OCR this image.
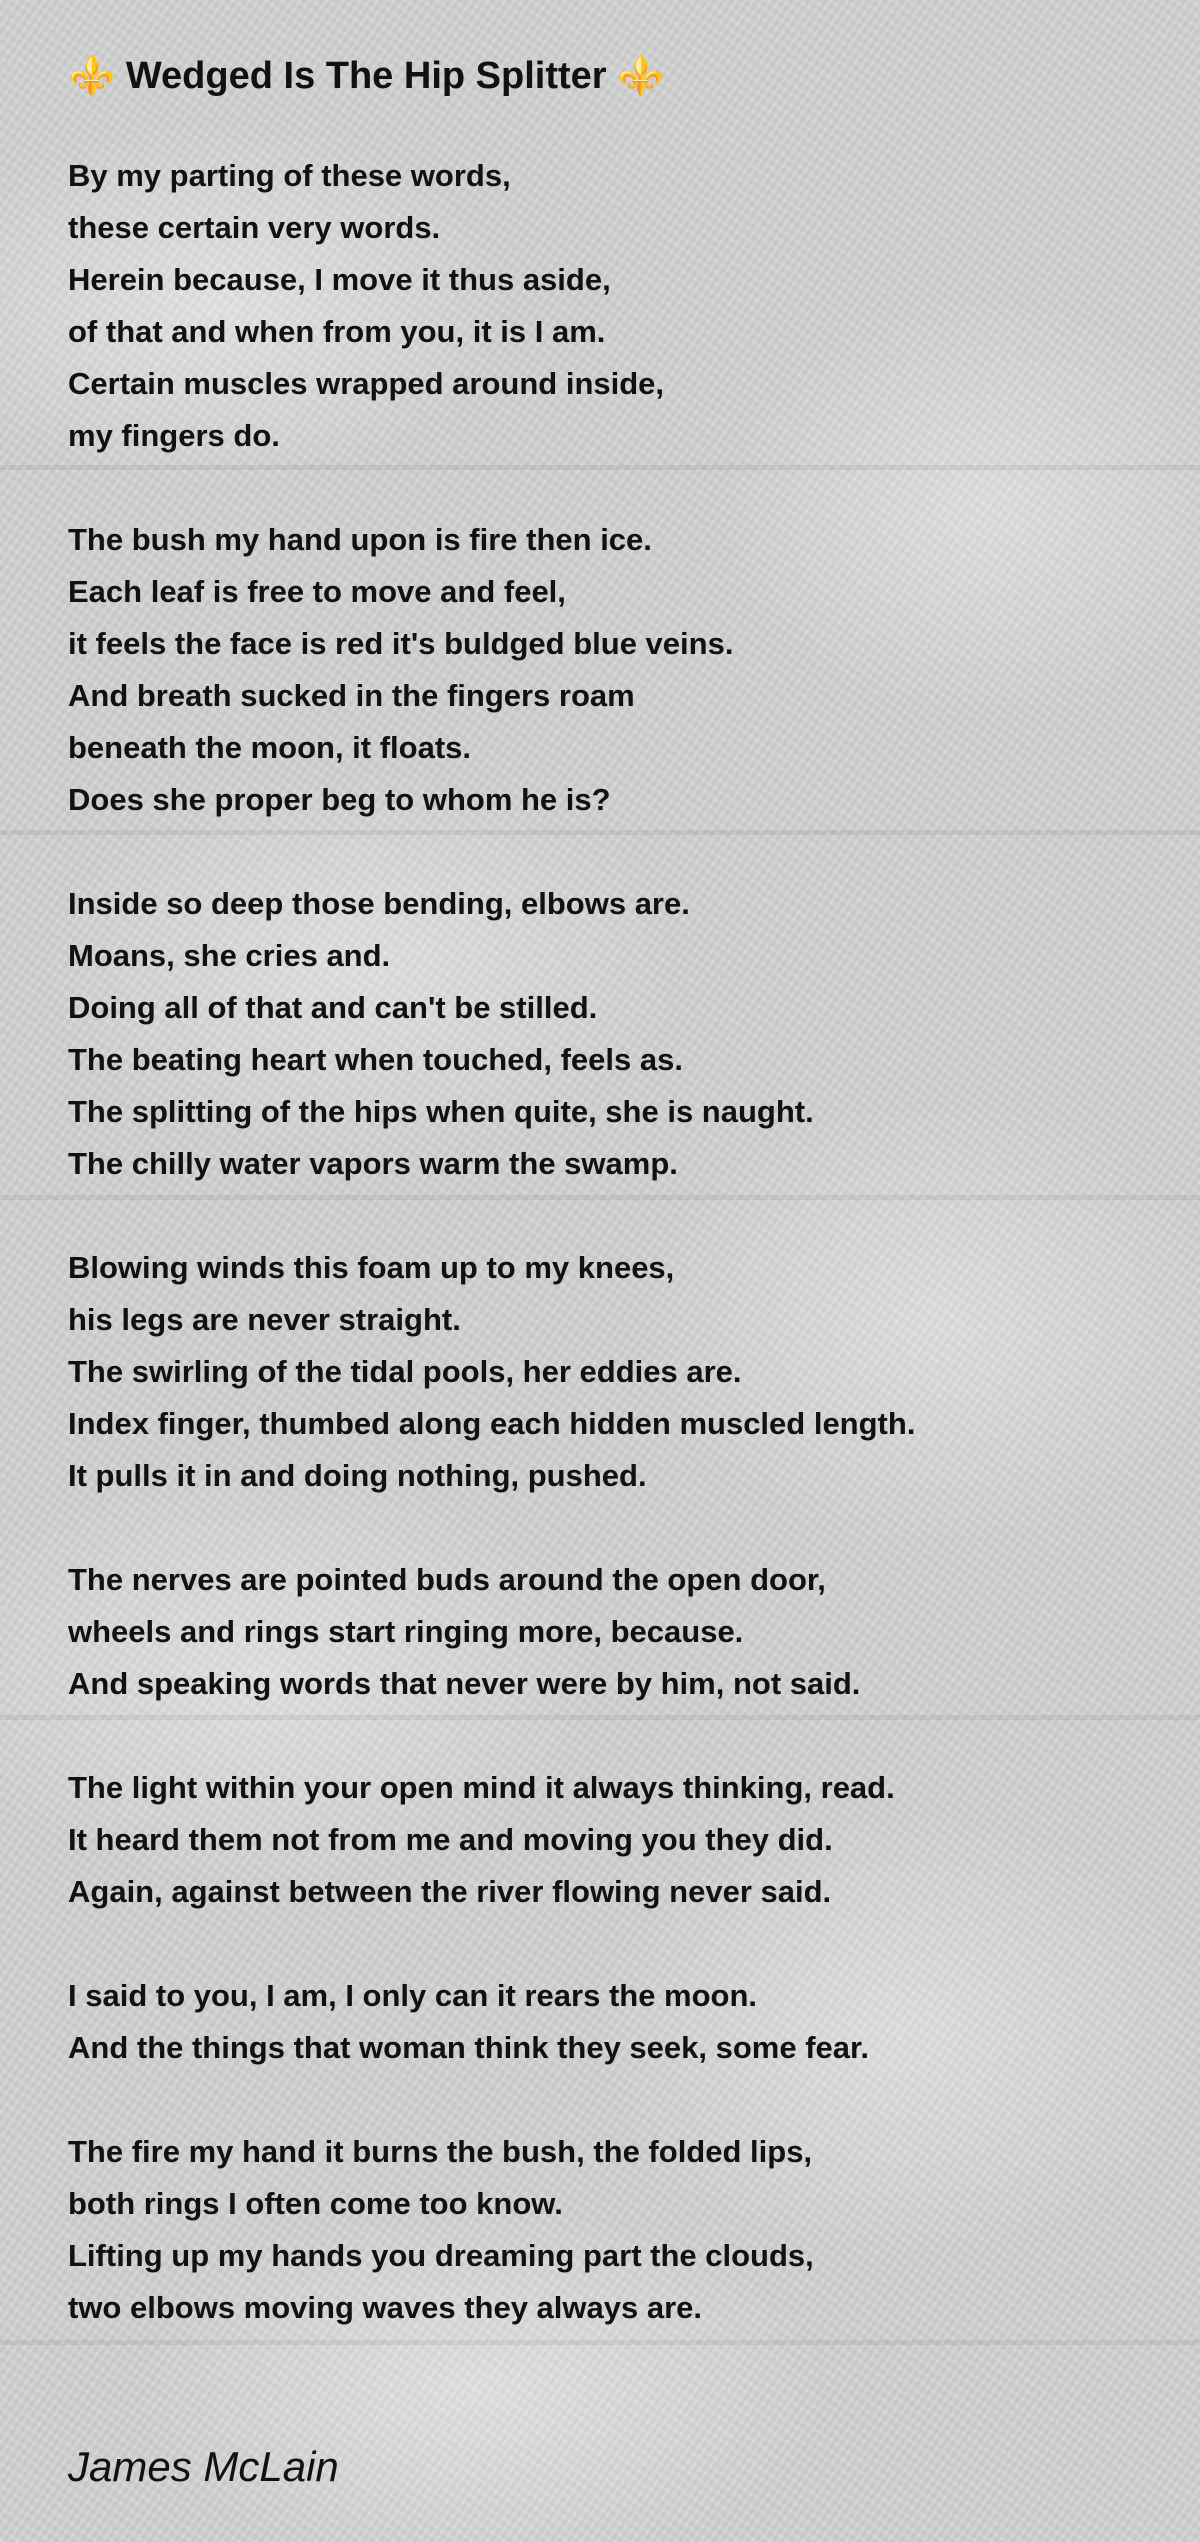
⚜️ Wedged Is The Hip Splitter ⚜️
By my parting of these words,
these certain very words.
Herein because, I move it thus aside,
of that and when from you, it is I am.
Certain muscles wrapped around inside,
my fingers do.
The bush my hand upon is fire then ice.
Each leaf is free to move and feel,
it feels the face is red it's buldged blue veins.
And breath sucked in the fingers roam
beneath the moon, it floats.
Does she proper beg to whom he is?
Inside so deep those bending, elbows are.
Moans, she cries and.
Doing all of that and can't be stilled.
The beating heart when touched, feels as.
The splitting of the hips when quite, she is naught.
The chilly water vapors warm the swamp.
Blowing winds this foam up to my knees,
his legs are never straight.
The swirling of the tidal pools, her eddies are.
Index finger, thumbed along each hidden muscled length.
It pulls it in and doing nothing, pushed.
The nerves are pointed buds around the open door,
wheels and rings start ringing more, because.
And speaking words that never were by him, not said.
The light within your open mind it always thinking, read.
It heard them not from me and moving you they did.
Again, against between the river flowing never said.
I said to you, I am, I only can it rears the moon.
And the things that woman think they seek, some fear.
The fire my hand it burns the bush, the folded lips,
both rings I often come too know.
Lifting up my hands you dreaming part the clouds,
two elbows moving waves they always are.
James McLain
